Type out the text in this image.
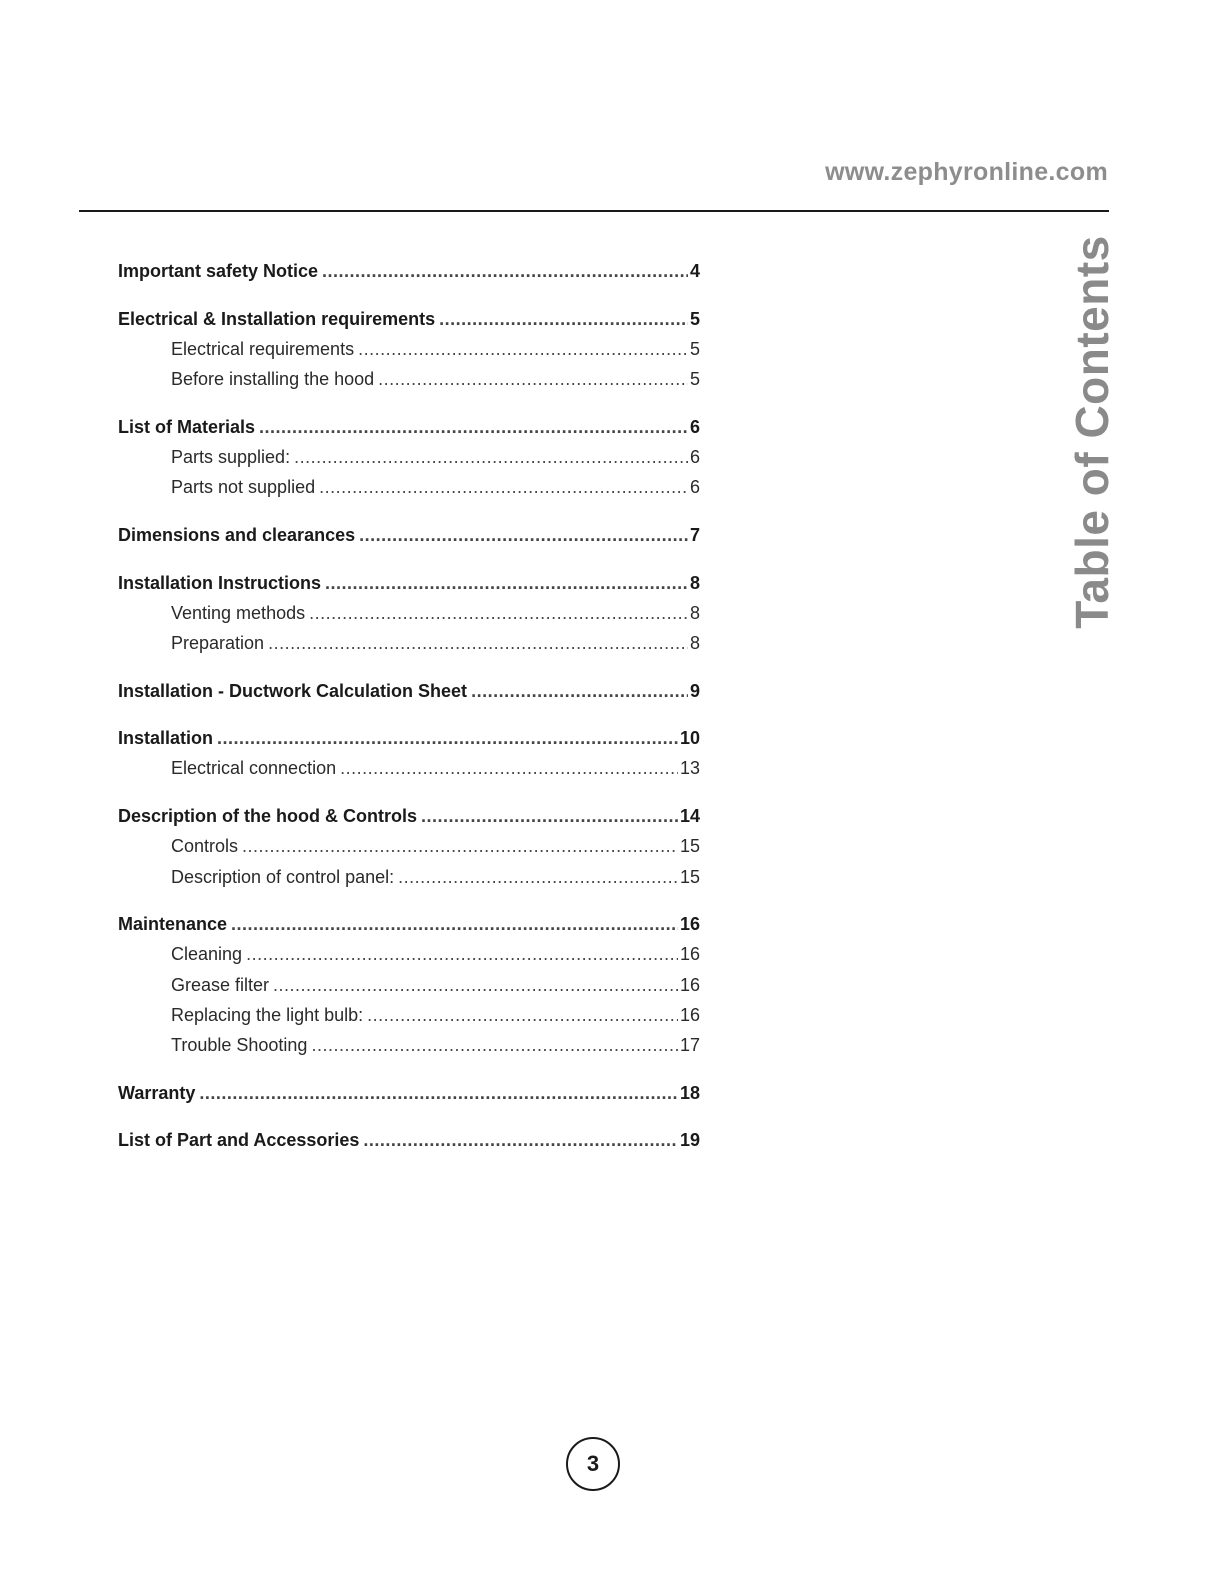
www.zephyronline.com
Important safety Notice .....	4
Electrical & Installation requirements .....	5
Electrical requirements .....	5
Before installing the hood .....	5
List of Materials .....	6
Parts supplied: .....	6
Parts not supplied .....	6
Dimensions and clearances .....	7
Installation Instructions .....	8
Venting methods .....	8
Preparation .....	8
Installation - Ductwork Calculation Sheet .....	9
Installation .....	10
Electrical connection .....	13
Description of the hood & Controls .....	14
Controls .....	15
Description of control panel: .....	15
Maintenance .....	16
Cleaning .....	16
Grease filter .....	16
Replacing the light bulb: .....	16
Trouble Shooting .....	17
Warranty .....	18
List of Part and Accessories .....	19
Table of Contents
3
